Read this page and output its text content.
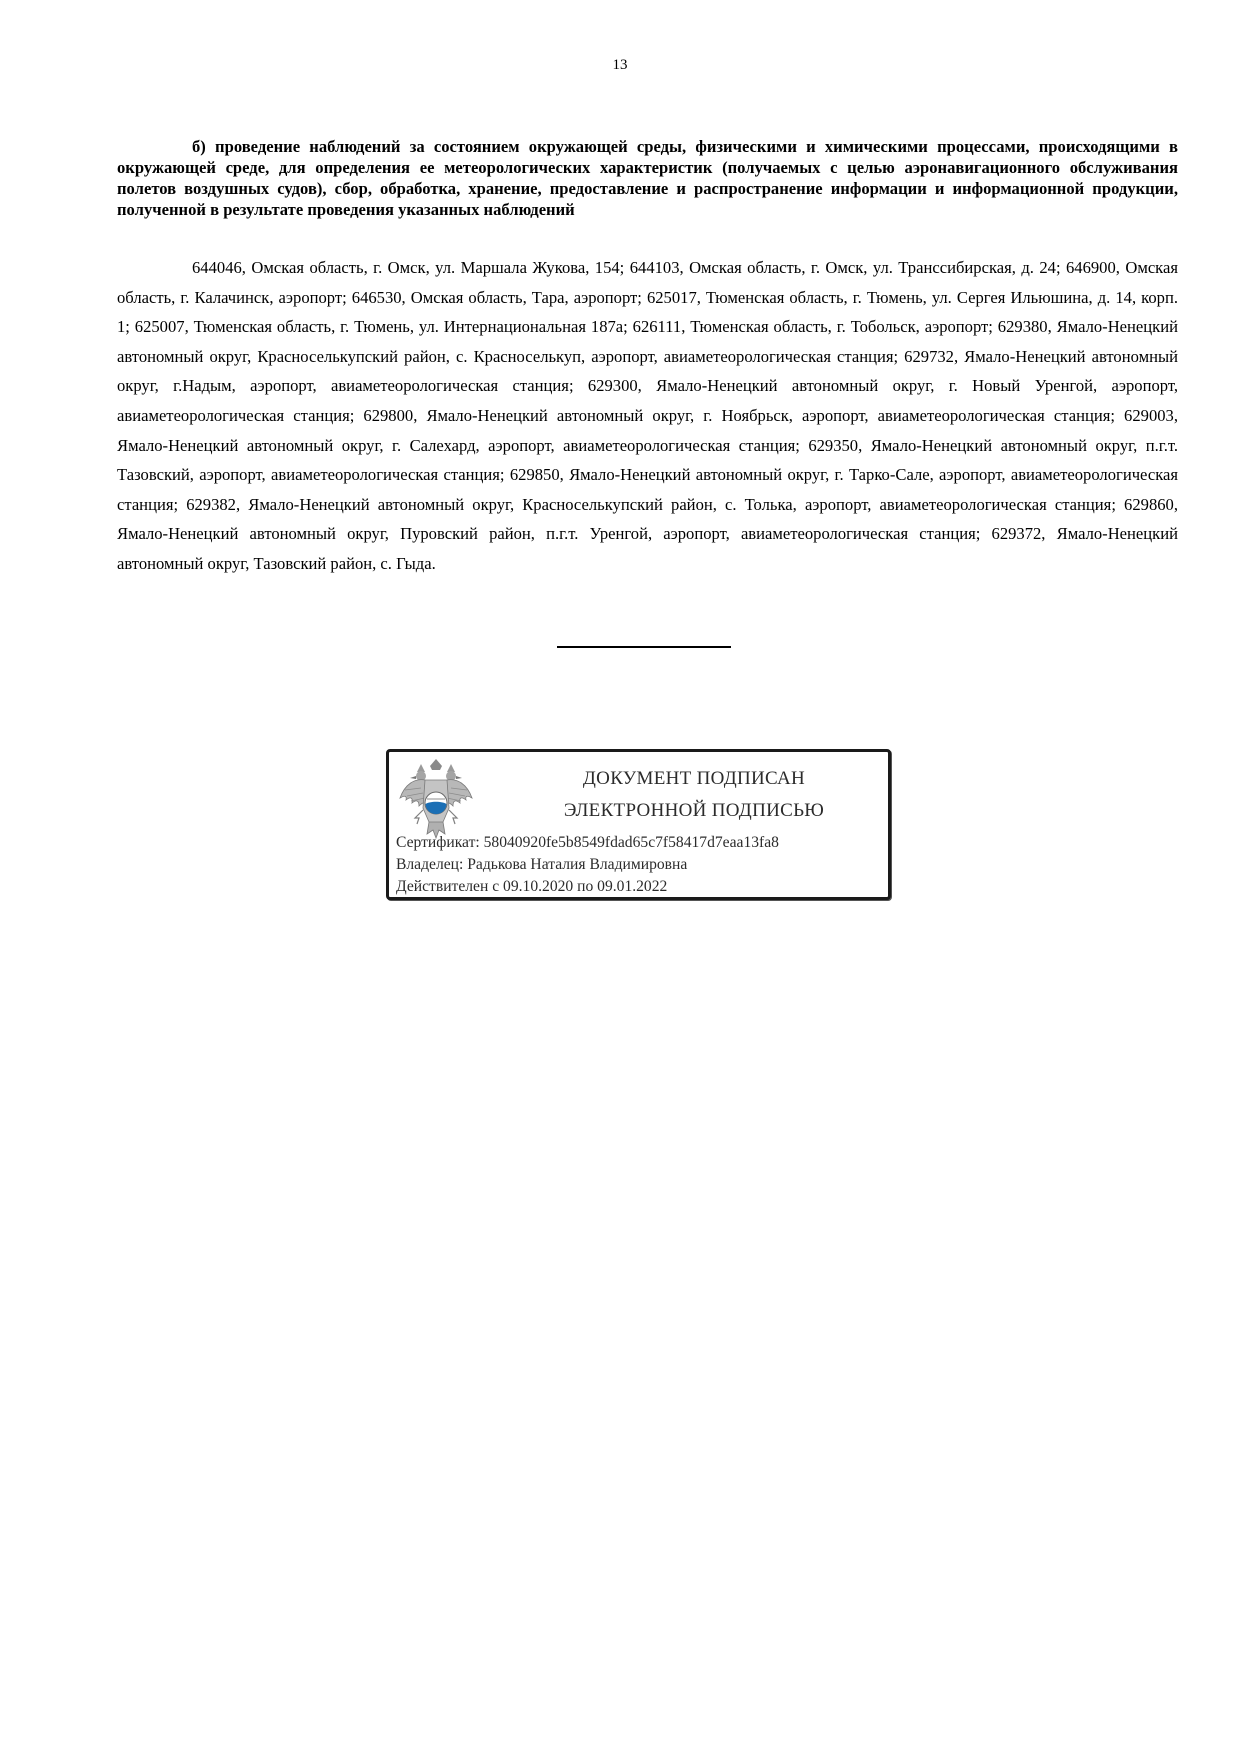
13
б) проведение наблюдений за состоянием окружающей среды, физическими и химическими процессами, происходящими в окружающей среде, для определения ее метеорологических характеристик (получаемых с целью аэронавигационного обслуживания полетов воздушных судов), сбор, обработка, хранение, предоставление и распространение информации и информационной продукции, полученной в результате проведения указанных наблюдений
644046, Омская область, г. Омск, ул. Маршала Жукова, 154; 644103, Омская область, г. Омск, ул. Транссибирская, д. 24; 646900, Омская область, г. Калачинск, аэропорт; 646530, Омская область, Тара, аэропорт; 625017, Тюменская область, г. Тюмень, ул. Сергея Ильюшина, д. 14, корп. 1; 625007, Тюменская область, г. Тюмень, ул. Интернациональная 187а; 626111, Тюменская область, г. Тобольск, аэропорт; 629380, Ямало-Ненецкий автономный округ, Красноселькупский район, с. Красноселькуп, аэропорт, авиаметеорологическая станция; 629732, Ямало-Ненецкий автономный округ, г.Надым, аэропорт, авиаметеорологическая станция; 629300, Ямало-Ненецкий автономный округ, г. Новый Уренгой, аэропорт, авиаметеорологическая станция; 629800, Ямало-Ненецкий автономный округ, г. Ноябрьск, аэропорт, авиаметеорологическая станция; 629003, Ямало-Ненецкий автономный округ, г. Салехард, аэропорт, авиаметеорологическая станция; 629350, Ямало-Ненецкий автономный округ, п.г.т. Тазовский, аэропорт, авиаметеорологическая станция; 629850, Ямало-Ненецкий автономный округ, г. Тарко-Сале, аэропорт, авиаметеорологическая станция; 629382, Ямало-Ненецкий автономный округ, Красноселькупский район, с. Толька, аэропорт, авиаметеорологическая станция; 629860, Ямало-Ненецкий автономный округ, Пуровский район, п.г.т. Уренгой, аэропорт, авиаметеорологическая станция; 629372, Ямало-Ненецкий автономный округ, Тазовский район, с. Гыда.
ДОКУМЕНТ ПОДПИСАН
ЭЛЕКТРОННОЙ ПОДПИСЬЮ
Сертификат: 58040920fe5b8549fdad65c7f58417d7eaa13fa8
Владелец: Радькова Наталия Владимировна
Действителен с 09.10.2020 по 09.01.2022
